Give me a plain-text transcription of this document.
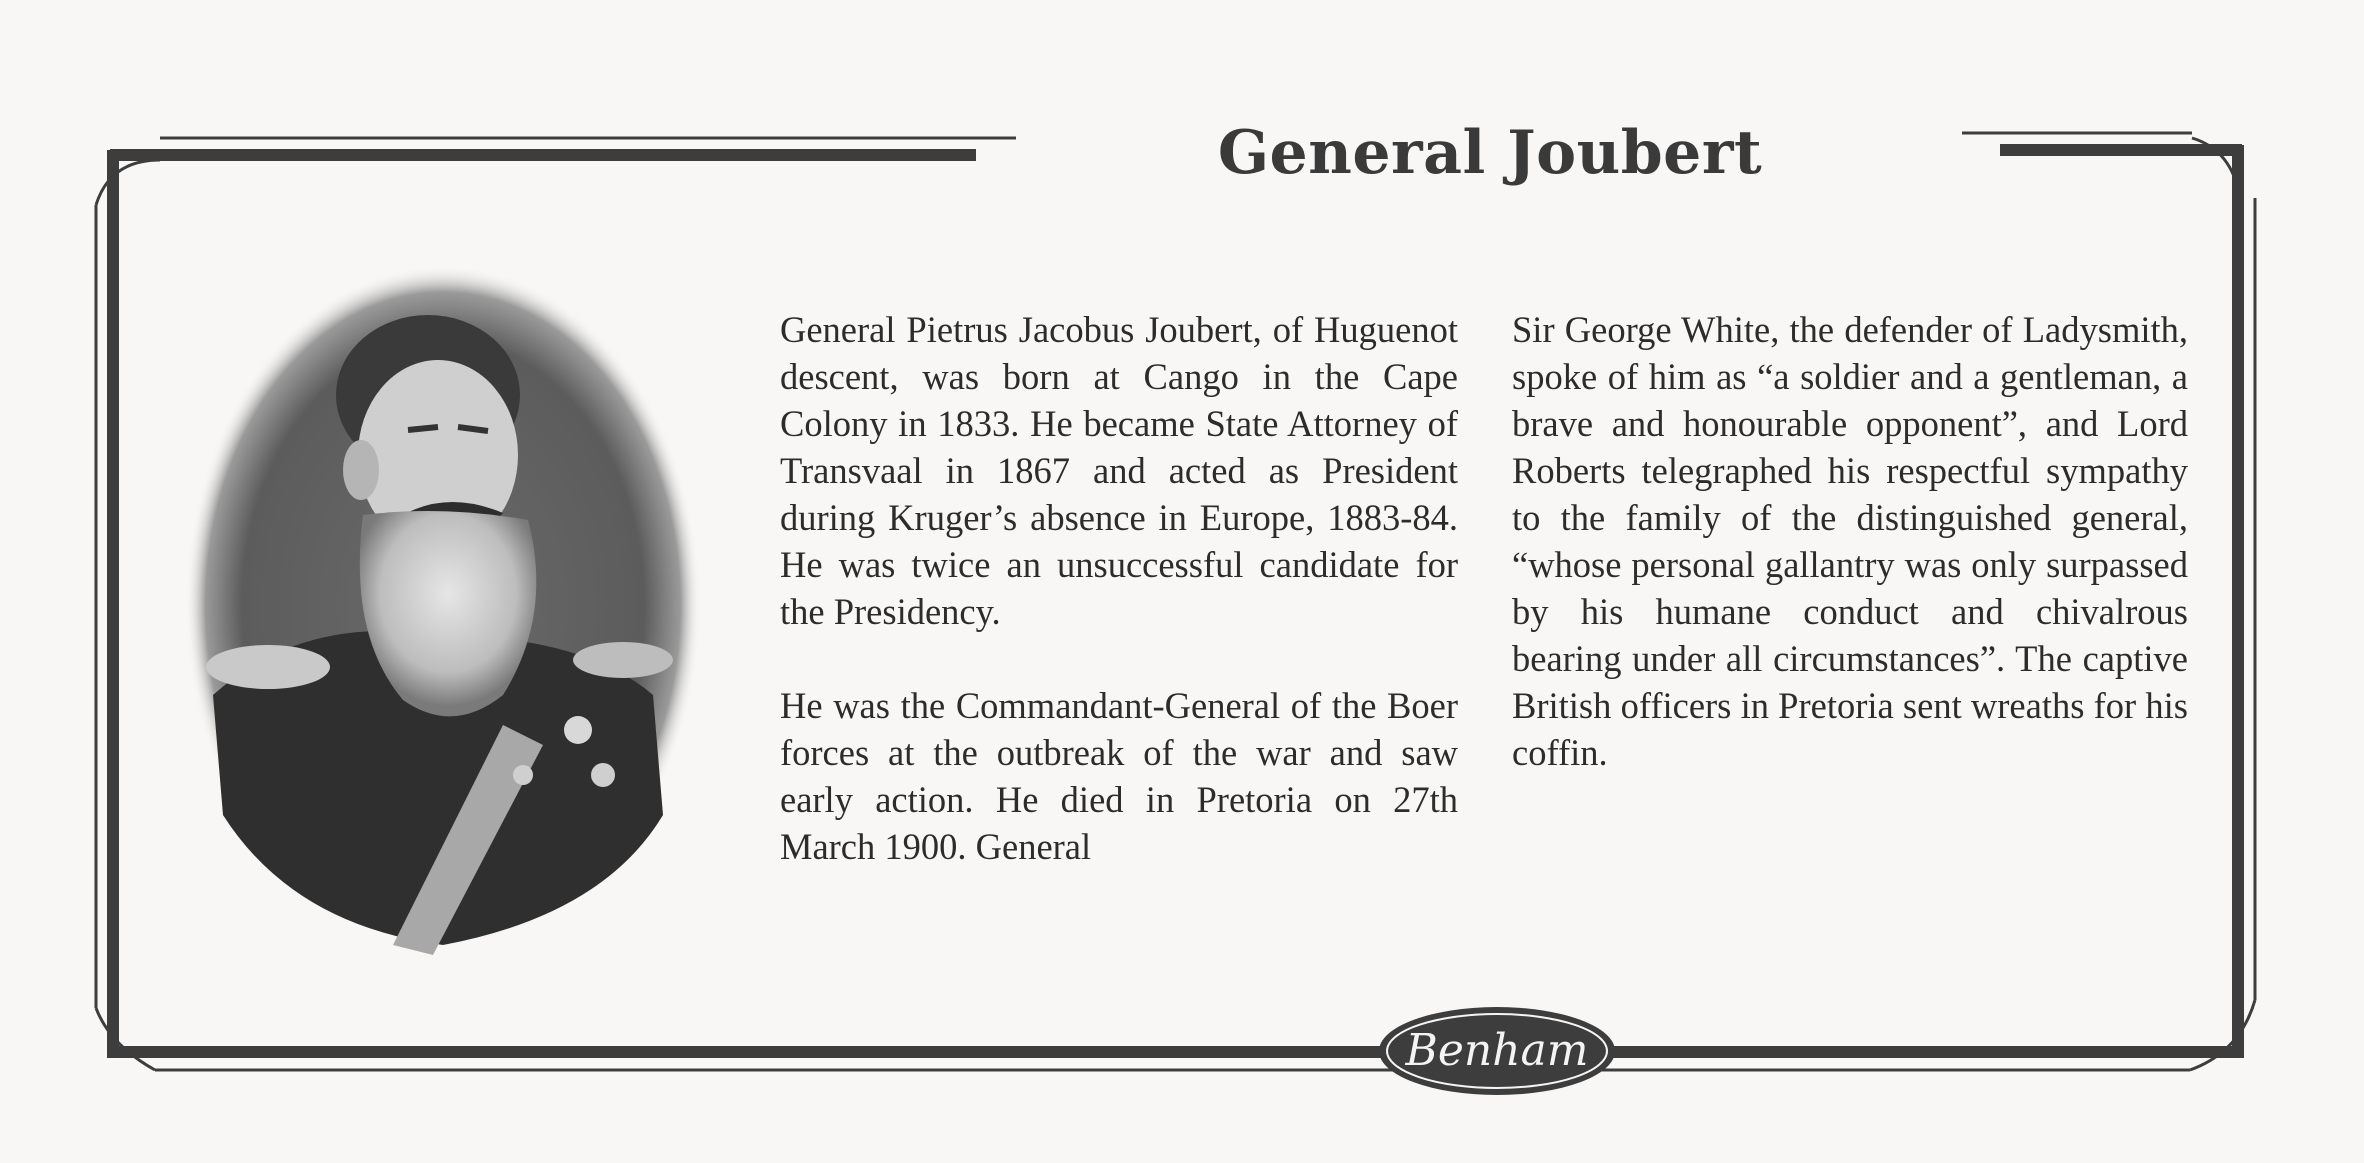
General Joubert

General Pietrus Jacobus Joubert, of Huguenot descent, was born at Cango in the Cape Colony in 1833. He became State Attorney of Transvaal in 1867 and acted as President during Kruger’s absence in Europe, 1883-84. He was twice an unsuccessful candidate for the Presidency.

He was the Commandant-General of the Boer forces at the outbreak of the war and saw early action. He died in Pretoria on 27th March 1900. General

Sir George White, the defender of Ladysmith, spoke of him as “a soldier and a gentleman, a brave and honourable opponent”, and Lord Roberts telegraphed his respectful sympathy to the family of the distinguished general, “whose personal gallantry was only surpassed by his humane conduct and chivalrous bearing under all circumstances”. The captive British officers in Pretoria sent wreaths for his coffin.

Benham
